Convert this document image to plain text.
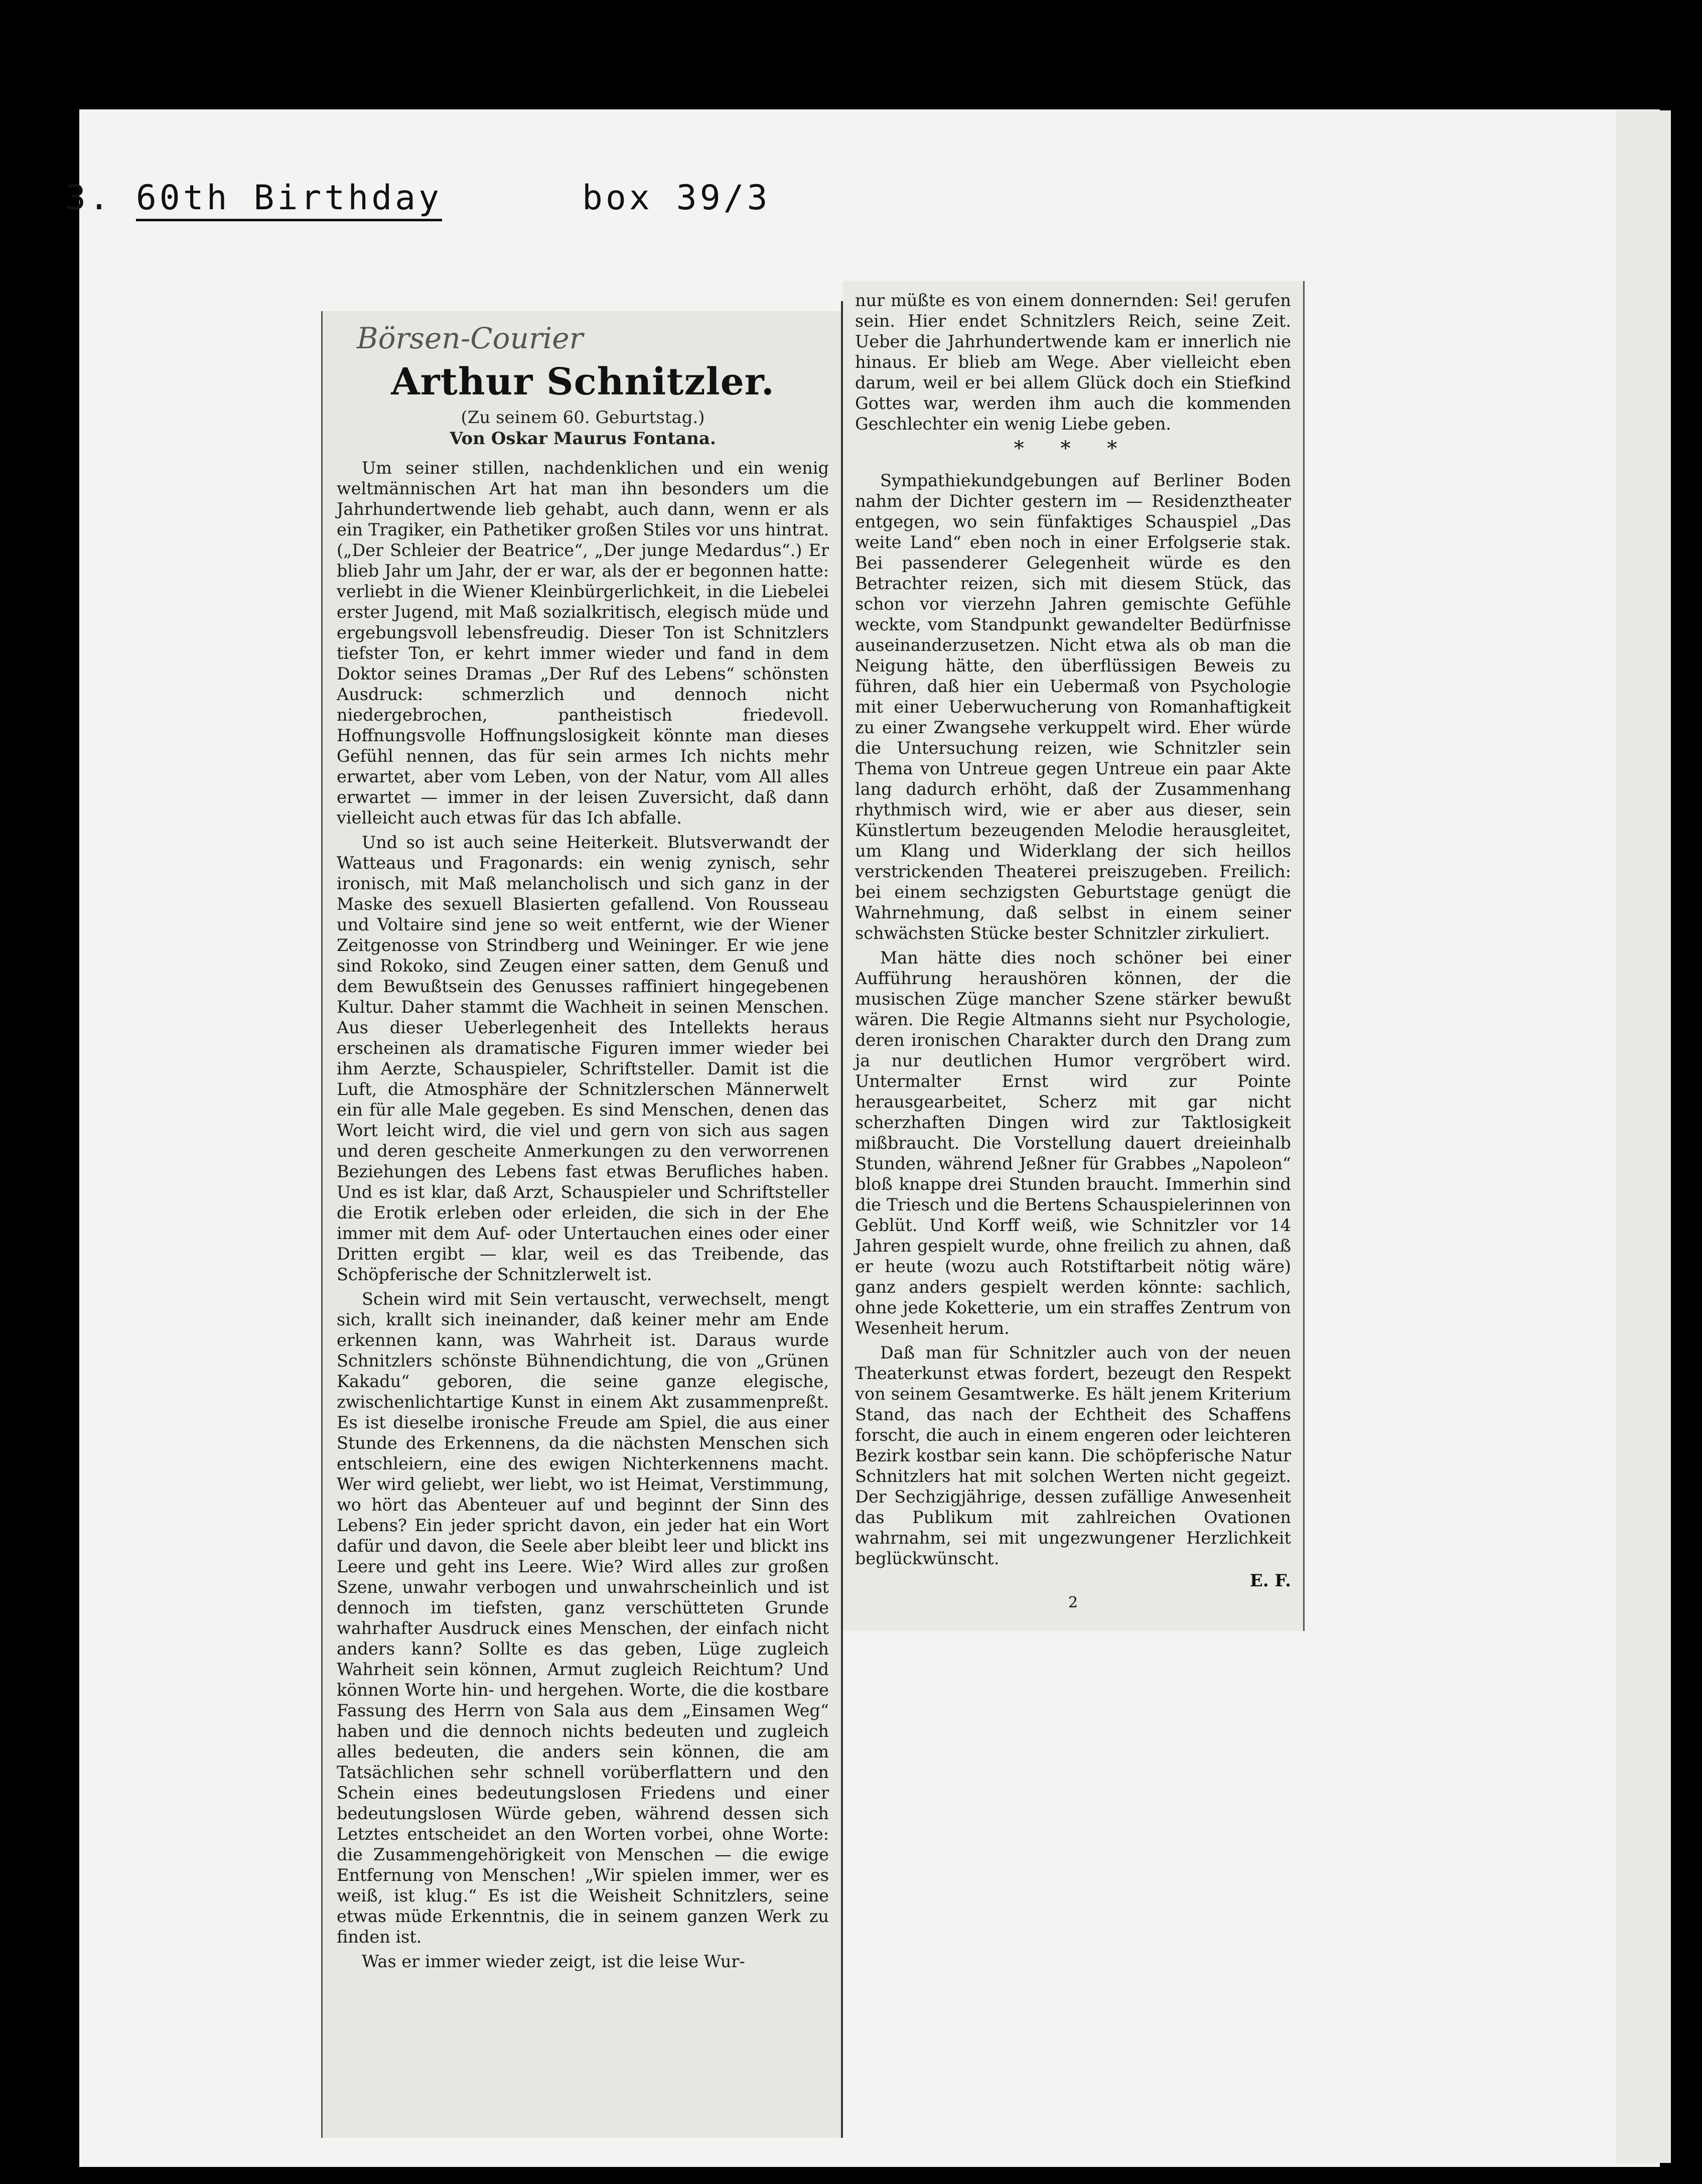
3. 60th Birthday	box 39/3
Börsen-Courier
Arthur Schnitzler.
(Zu seinem 60. Geburtstag.)
Von Oskar Maurus Fontana.

Um seiner stillen, nachdenklichen und ein wenig weltmännischen Art hat man ihn besonders um die Jahrhundertwende lieb gehabt, auch dann, wenn er als ein Tragiker, ein Pathetiker großen Stiles vor uns hintrat. („Der Schleier der Beatrice“, „Der junge Medardus“.) Er blieb Jahr um Jahr, der er war, als der er begonnen hatte: verliebt in die Wiener Kleinbürgerlichkeit, in die Liebelei erster Jugend, mit Maß sozialkritisch, elegisch müde und ergebungsvoll lebensfreudig. Dieser Ton ist Schnitzlers tiefster Ton, er kehrt immer wieder und fand in dem Doktor seines Dramas „Der Ruf des Lebens“ schönsten Ausdruck: schmerzlich und dennoch nicht niedergebrochen, pantheistisch friedevoll. Hoffnungsvolle Hoffnungslosigkeit könnte man dieses Gefühl nennen, das für sein armes Ich nichts mehr erwartet, aber vom Leben, von der Natur, vom All alles erwartet — immer in der leisen Zuversicht, daß dann vielleicht auch etwas für das Ich abfalle.

Und so ist auch seine Heiterkeit. Blutsverwandt der Watteaus und Fragonards: ein wenig zynisch, sehr ironisch, mit Maß melancholisch und sich ganz in der Maske des sexuell Blasierten gefallend. Von Rousseau und Voltaire sind jene so weit entfernt, wie der Wiener Zeitgenosse von Strindberg und Weininger. Er wie jene sind Rokoko, sind Zeugen einer satten, dem Genuß und dem Bewußtsein des Genusses raffiniert hingegebenen Kultur. Daher stammt die Wachheit in seinen Menschen. Aus dieser Ueberlegenheit des Intellekts heraus erscheinen als dramatische Figuren immer wieder bei ihm Aerzte, Schauspieler, Schriftsteller. Damit ist die Luft, die Atmosphäre der Schnitzlerschen Männerwelt ein für alle Male gegeben. Es sind Menschen, denen das Wort leicht wird, die viel und gern von sich aus sagen und deren gescheite Anmerkungen zu den verworrenen Beziehungen des Lebens fast etwas Berufliches haben. Und es ist klar, daß Arzt, Schauspieler und Schriftsteller die Erotik erleben oder erleiden, die sich in der Ehe immer mit dem Auf- oder Untertauchen eines oder einer Dritten ergibt — klar, weil es das Treibende, das Schöpferische der Schnitzlerwelt ist.

Schein wird mit Sein vertauscht, verwechselt, mengt sich, krallt sich ineinander, daß keiner mehr am Ende erkennen kann, was Wahrheit ist. Daraus wurde Schnitzlers schönste Bühnendichtung, die von „Grünen Kakadu“ geboren, die seine ganze elegische, zwischenlichtartige Kunst in einem Akt zusammenpreßt. Es ist dieselbe ironische Freude am Spiel, die aus einer Stunde des Erkennens, da die nächsten Menschen sich entschleiern, eine des ewigen Nichterkennens macht. Wer wird geliebt, wer liebt, wo ist Heimat, Verstimmung, wo hört das Abenteuer auf und beginnt der Sinn des Lebens? Ein jeder spricht davon, ein jeder hat ein Wort dafür und davon, die Seele aber bleibt leer und blickt ins Leere und geht ins Leere. Wie? Wird alles zur großen Szene, unwahr verbogen und unwahrscheinlich und ist dennoch im tiefsten, ganz verschütteten Grunde wahrhafter Ausdruck eines Menschen, der einfach nicht anders kann? Sollte es das geben, Lüge zugleich Wahrheit sein können, Armut zugleich Reichtum? Und können Worte hin- und hergehen. Worte, die die kostbare Fassung des Herrn von Sala aus dem „Einsamen Weg“ haben und die dennoch nichts bedeuten und zugleich alles bedeuten, die anders sein können, die am Tatsächlichen sehr schnell vorüberflattern und den Schein eines bedeutungslosen Friedens und einer bedeutungslosen Würde geben, während dessen sich Letztes entscheidet an den Worten vorbei, ohne Worte: die Zusammengehörigkeit von Menschen — die ewige Entfernung von Menschen! „Wir spielen immer, wer es weiß, ist klug.“ Es ist die Weisheit Schnitzlers, seine etwas müde Erkenntnis, die in seinem ganzen Werk zu finden ist.

Was er immer wieder zeigt, ist die leise Wur-

nur müßte es von einem donnernden: Sei! gerufen sein. Hier endet Schnitzlers Reich, seine Zeit. Ueber die Jahrhundertwende kam er innerlich nie hinaus. Er blieb am Wege. Aber vielleicht eben darum, weil er bei allem Glück doch ein Stiefkind Gottes war, werden ihm auch die kommenden Geschlechter ein wenig Liebe geben.

* * *

Sympathiekundgebungen auf Berliner Boden nahm der Dichter gestern im — Residenztheater entgegen, wo sein fünfaktiges Schauspiel „Das weite Land“ eben noch in einer Erfolgserie stak. Bei passenderer Gelegenheit würde es den Betrachter reizen, sich mit diesem Stück, das schon vor vierzehn Jahren gemischte Gefühle weckte, vom Standpunkt gewandelter Bedürfnisse auseinanderzusetzen. Nicht etwa als ob man die Neigung hätte, den überflüssigen Beweis zu führen, daß hier ein Uebermaß von Psychologie mit einer Ueberwucherung von Romanhaftigkeit zu einer Zwangsehe verkuppelt wird. Eher würde die Untersuchung reizen, wie Schnitzler sein Thema von Untreue gegen Untreue ein paar Akte lang dadurch erhöht, daß der Zusammenhang rhythmisch wird, wie er aber aus dieser, sein Künstlertum bezeugenden Melodie herausgleitet, um Klang und Widerklang der sich heillos verstrickenden Theaterei preiszugeben. Freilich: bei einem sechzigsten Geburtstage genügt die Wahrnehmung, daß selbst in einem seiner schwächsten Stücke bester Schnitzler zirkuliert.

Man hätte dies noch schöner bei einer Aufführung heraushören können, der die musischen Züge mancher Szene stärker bewußt wären. Die Regie Altmanns sieht nur Psychologie, deren ironischen Charakter durch den Drang zum ja nur deutlichen Humor vergröbert wird. Untermalter Ernst wird zur Pointe herausgearbeitet, Scherz mit gar nicht scherzhaften Dingen wird zur Taktlosigkeit mißbraucht. Die Vorstellung dauert dreieinhalb Stunden, während Jeßner für Grabbes „Napoleon“ bloß knappe drei Stunden braucht. Immerhin sind die Triesch und die Bertens Schauspielerinnen von Geblüt. Und Korff weiß, wie Schnitzler vor 14 Jahren gespielt wurde, ohne freilich zu ahnen, daß er heute (wozu auch Rotstiftarbeit nötig wäre) ganz anders gespielt werden könnte: sachlich, ohne jede Koketterie, um ein straffes Zentrum von Wesenheit herum.

Daß man für Schnitzler auch von der neuen Theaterkunst etwas fordert, bezeugt den Respekt von seinem Gesamtwerke. Es hält jenem Kriterium Stand, das nach der Echtheit des Schaffens forscht, die auch in einem engeren oder leichteren Bezirk kostbar sein kann. Die schöpferische Natur Schnitzlers hat mit solchen Werten nicht gegeizt. Der Sechzigjährige, dessen zufällige Anwesenheit das Publikum mit zahlreichen Ovationen wahrnahm, sei mit ungezwungener Herzlichkeit beglückwünscht.

E. F.
2
